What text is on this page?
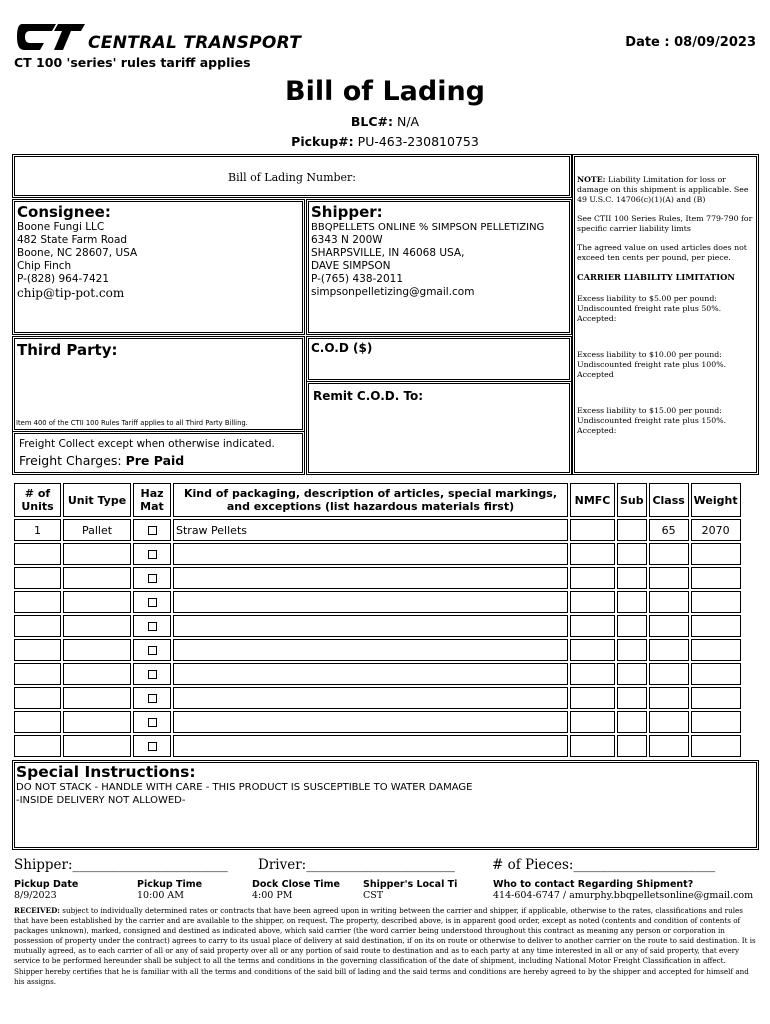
CENTRAL TRANSPORT
CT 100 'series' rules tariff applies
Date : 08/09/2023
Bill of Lading
BLC#: N/A
Pickup#: PU-463-230810753
Bill of Lading Number:
Consignee:
Boone Fungi LLC
482 State Farm Road
Boone, NC 28607, USA
Chip Finch
P-(828) 964-7421
chip@tip-pot.com
Shipper:
BBQPELLETS ONLINE % SIMPSON PELLETIZING
6343 N 200W
SHARPSVILLE, IN 46068 USA,
DAVE SIMPSON
P-(765) 438-2011
simpsonpelletizing@gmail.com
Third Party:
Item 400 of the CTII 100 Rules Tariff applies to all Third Party Billing.
Freight Collect except when otherwise indicated.
Freight Charges: Pre Paid
C.O.D ($)
Remit C.O.D. To:

NOTE: Liability Limitation for loss or damage on this shipment is applicable. See 49 U.S.C. 14706(c)(1)(A) and (B)

See CTII 100 Series Rules, Item 779-790 for specific carrier liability limts

The agreed value on used articles does not exceed ten cents per pound, per piece.

CARRIER LIABILITY LIMITATION

Excess liability to $5.00 per pound: Undiscounted freight rate plus 50%. Accepted:

Excess liability to $10.00 per pound: Undiscounted freight rate plus 100%. Accepted

Excess liability to $15.00 per pound: Undiscounted freight rate plus 150%. Accepted:

# of Units	Unit Type	Haz Mat	Kind of packaging, description of articles, special markings, and exceptions (list hazardous materials first)	NMFC	Sub	Class	Weight
1	Pallet		Straw Pellets			65	2070

Special Instructions:
DO NOT STACK - HANDLE WITH CARE - THIS PRODUCT IS SUSCEPTIBLE TO WATER DAMAGE
-INSIDE DELIVERY NOT ALLOWED-
Shipper:_______________________ Driver:______________________	# of Pieces:_____________________
Pickup Date
8/9/2023
Pickup Time
10:00 AM
Dock Close Time
4:00 PM
Shipper's Local Ti
CST
Who to contact Regarding Shipment?
414-604-6747 / amurphy.bbqpelletsonline@gmail.com
RECEIVED: subject to individually determined rates or contracts that have been agreed upon in writing between the carrier and shipper, if applicable, otherwise to the rates, classifications and rules that have been established by the carrier and are available to the shipper, on request. The property, described above, is in apparent good order, except as noted (contents and condition of contents of packages unknown), marked, consigned and destined as indicated above, which said carrier (the word carrier being understood throughout this contract as meaning any person or corporation in possession of property under the contract) agrees to carry to its usual place of delivery at said destination, if on its on route or otherwise to deliver to another carrier on the route to said destination. It is mutually agreed, as to each carrier of all or any of said property over all or any portion of said route to destination and as to each party at any time interested in all or any of said property, that every service to be performed hereunder shall be subject to all the terms and conditions in the governing classification of the date of shipment, including National Motor Freight Classification in affect. Shipper hereby certifies that he is familiar with all the terms and conditions of the said bill of lading and the said terms and conditions are hereby agreed to by the shipper and accepted for himself and his assigns.
